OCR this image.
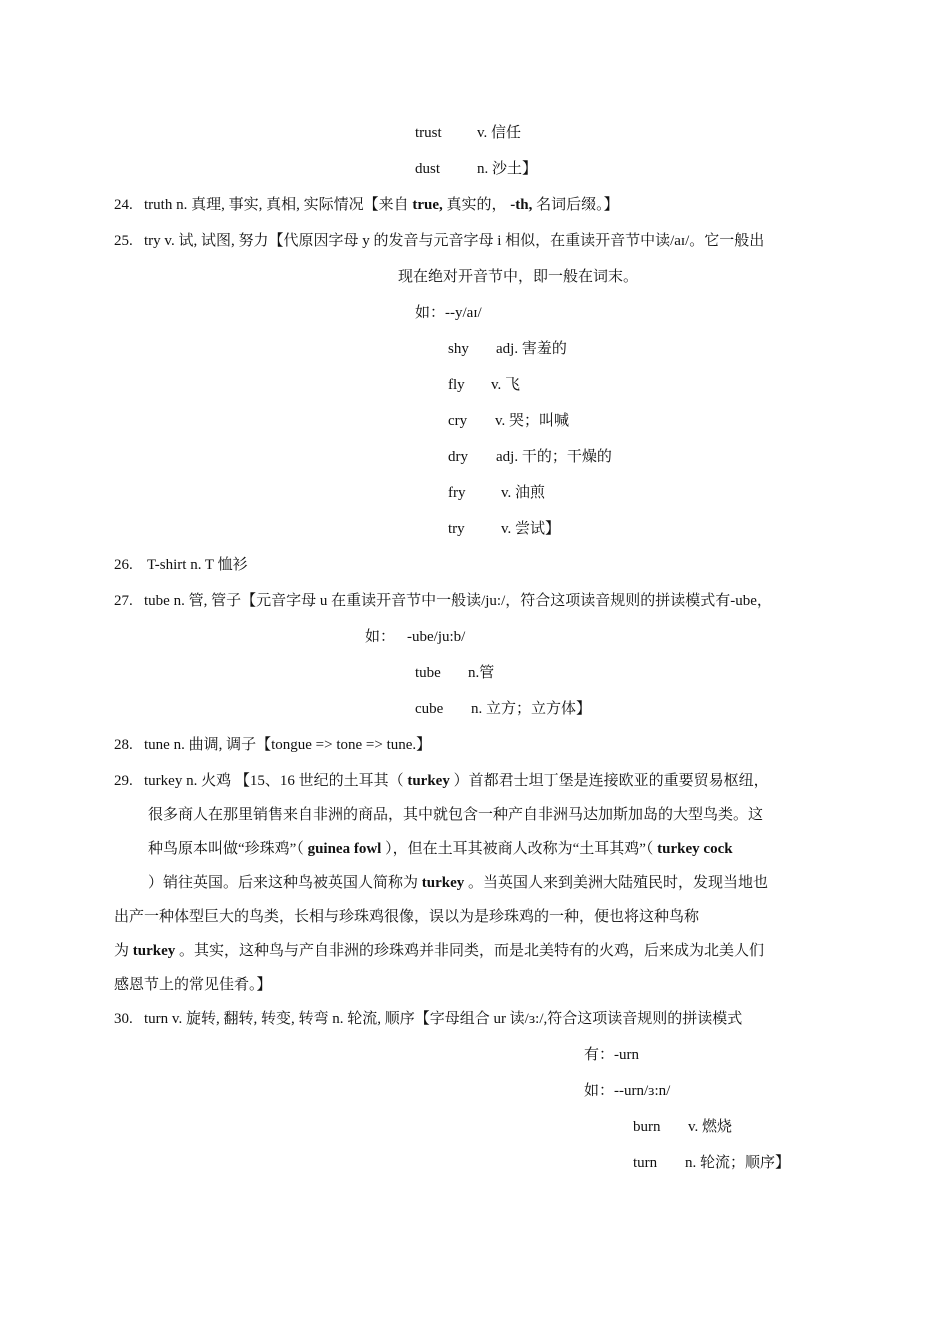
trust v. 信任
dust n. 沙土】
24. truth n. 真理, 事实, 真相, 实际情况【来自 true, 真实的， -th, 名词后缀。】
25. try v. 试, 试图, 努力【代原因字母 y 的发音与元音字母 i 相似，在重读开音节中读/aɪ/。它一般出
现在绝对开音节中，即一般在词末。
如：--y/aɪ/
shy adj. 害羞的
fly v. 飞
cry v. 哭；叫喊
dry adj. 干的；干燥的
fry v. 油煎
try v. 尝试】
26. T-shirt n. T 恤衫
27. tube n. 管, 管子【元音字母 u 在重读开音节中一般读/ju:/，符合这项读音规则的拼读模式有-ube，
如： -ube/ju:b/
tube n.管
cube n. 立方；立方体】
28. tune n. 曲调, 调子【tongue => tone => tune.】
29. turkey n. 火鸡 【15、16 世纪的土耳其（ turkey ）首都君士坦丁堡是连接欧亚的重要贸易枢纽，
很多商人在那里销售来自非洲的商品，其中就包含一种产自非洲马达加斯加岛的大型鸟类。这
种鸟原本叫做“珍珠鸡”（ guinea fowl ），但在土耳其被商人改称为“土耳其鸡”（ turkey cock
）销往英国。后来这种鸟被英国人简称为 turkey 。当英国人来到美洲大陆殖民时，发现当地也
出产一种体型巨大的鸟类，长相与珍珠鸡很像，误以为是珍珠鸡的一种，便也将这种鸟称
为 turkey 。其实，这种鸟与产自非洲的珍珠鸡并非同类，而是北美特有的火鸡，后来成为北美人们
感恩节上的常见佳肴。】
30. turn v. 旋转, 翻转, 转变, 转弯 n. 轮流, 顺序【字母组合 ur 读/ɜ:/,符合这项读音规则的拼读模式
有：-urn
如：--urn/ɜ:n/
burn v. 燃烧
turn n. 轮流；顺序】
